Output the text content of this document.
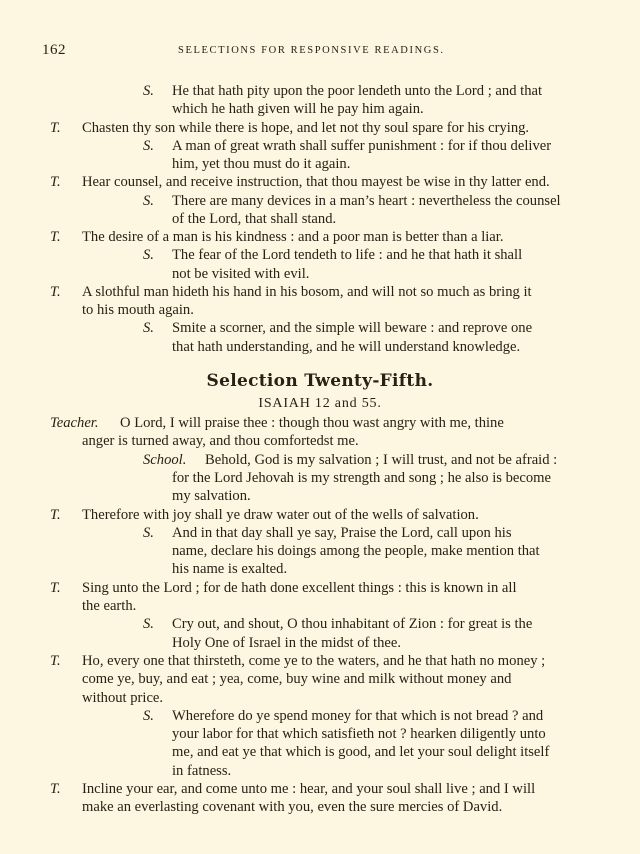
162	SELECTIONS FOR RESPONSIVE READINGS.
S. He that hath pity upon the poor lendeth unto the Lord ; and that
which he hath given will he pay him again.
T. Chasten thy son while there is hope, and let not thy soul spare for his crying.
S. A man of great wrath shall suffer punishment : for if thou deliver
him, yet thou must do it again.
T. Hear counsel, and receive instruction, that thou mayest be wise in thy latter end.
S. There are many devices in a man’s heart : nevertheless the counsel
of the Lord, that shall stand.
T. The desire of a man is his kindness : and a poor man is better than a liar.
S. The fear of the Lord tendeth to life : and he that hath it shall
not be visited with evil.
T. A slothful man hideth his hand in his bosom, and will not so much as bring it
to his mouth again.
S. Smite a scorner, and the simple will beware : and reprove one
that hath understanding, and he will understand knowledge.
Selection Twenty-Fifth.
ISAIAH 12 and 55.
Teacher. O Lord, I will praise thee : though thou wast angry with me, thine
anger is turned away, and thou comfortedst me.
School. Behold, God is my salvation ; I will trust, and not be afraid :
for the Lord Jehovah is my strength and song ; he also is become
my salvation.
T. Therefore with joy shall ye draw water out of the wells of salvation.
S. And in that day shall ye say, Praise the Lord, call upon his
name, declare his doings among the people, make mention that
his name is exalted.
T. Sing unto the Lord ; for de hath done excellent things : this is known in all
the earth.
S. Cry out, and shout, O thou inhabitant of Zion : for great is the
Holy One of Israel in the midst of thee.
T. Ho, every one that thirsteth, come ye to the waters, and he that hath no money ;
come ye, buy, and eat ; yea, come, buy wine and milk without money and
without price.
S. Wherefore do ye spend money for that which is not bread ? and
your labor for that which satisfieth not ? hearken diligently unto
me, and eat ye that which is good, and let your soul delight itself
in fatness.
T. Incline your ear, and come unto me : hear, and your soul shall live ; and I will
make an everlasting covenant with you, even the sure mercies of David.
